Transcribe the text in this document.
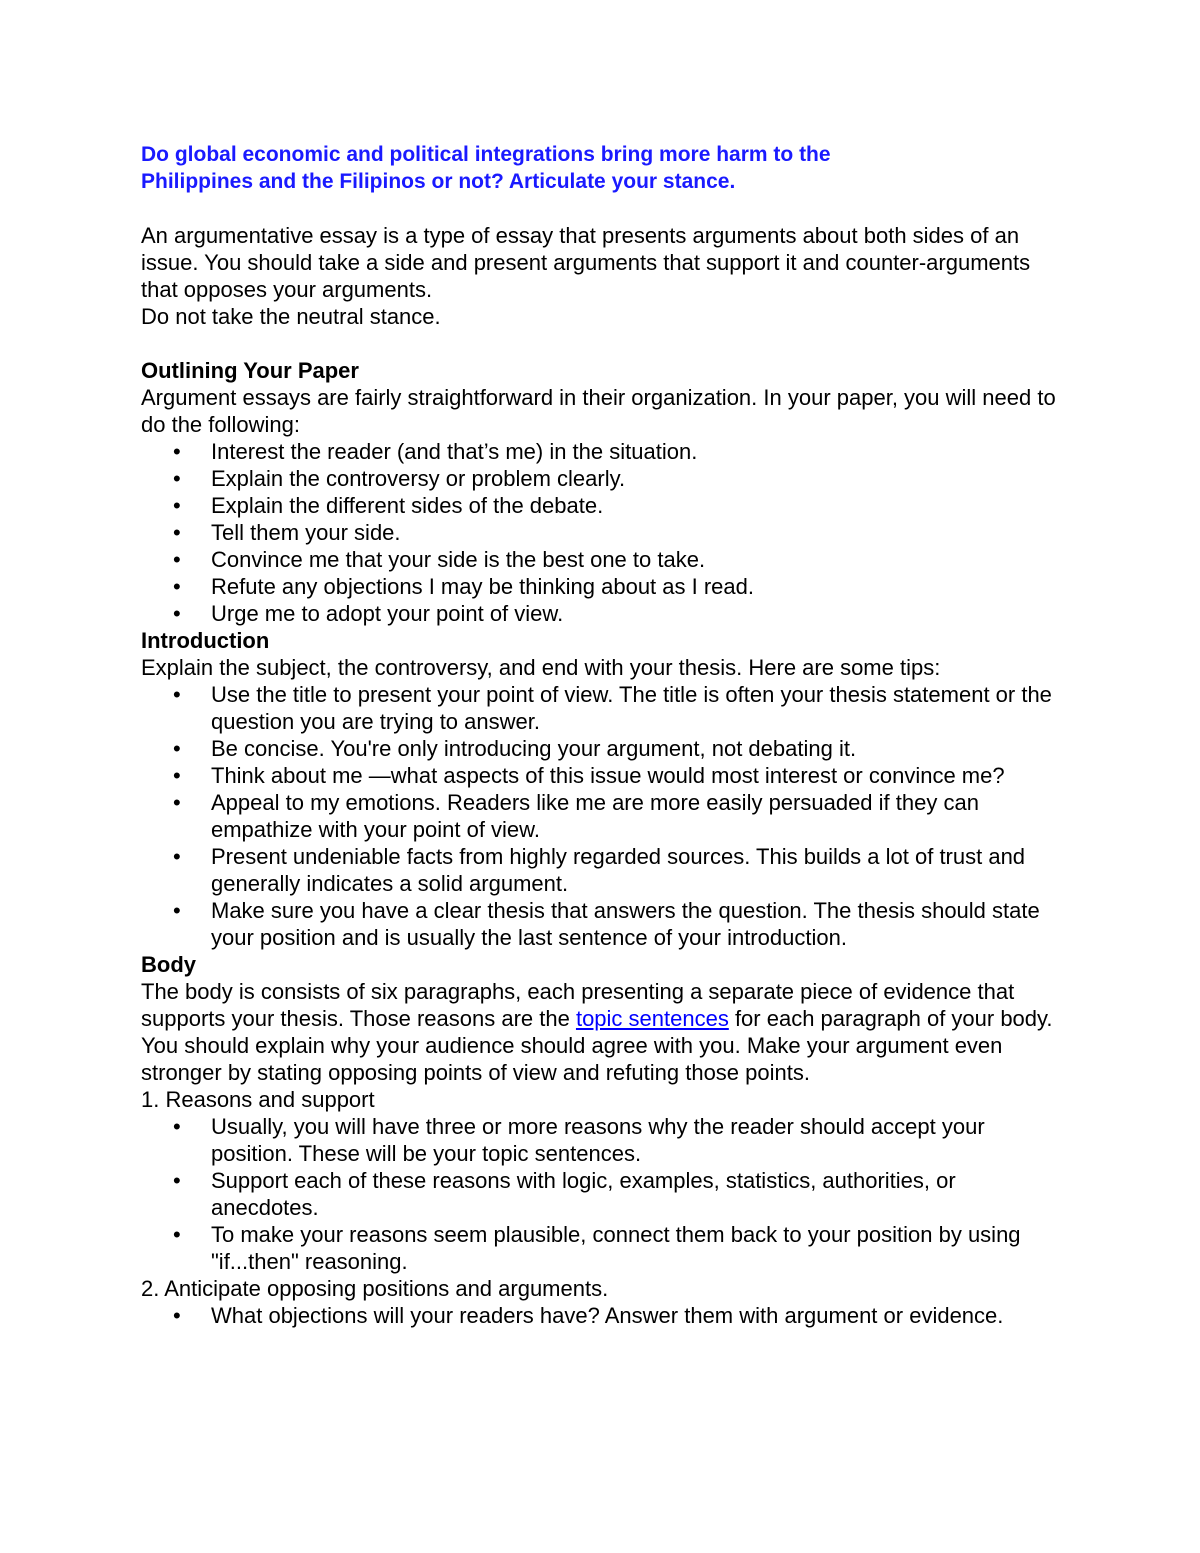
Do global economic and political integrations bring more harm to the Philippines and the Filipinos or not? Articulate your stance.

An argumentative essay is a type of essay that presents arguments about both sides of an issue. You should take a side and present arguments that support it and counter-arguments that opposes your arguments.

Do not take the neutral stance.

Outlining Your Paper

Argument essays are fairly straightforward in their organization. In your paper, you will need to do the following:

• Interest the reader (and that’s me) in the situation.
• Explain the controversy or problem clearly.
• Explain the different sides of the debate.
• Tell them your side.
• Convince me that your side is the best one to take.
• Refute any objections I may be thinking about as I read.
• Urge me to adopt your point of view.

Introduction

Explain the subject, the controversy, and end with your thesis. Here are some tips:

• Use the title to present your point of view. The title is often your thesis statement or the question you are trying to answer.
• Be concise. You're only introducing your argument, not debating it.
• Think about me —what aspects of this issue would most interest or convince me?
• Appeal to my emotions. Readers like me are more easily persuaded if they can empathize with your point of view.
• Present undeniable facts from highly regarded sources. This builds a lot of trust and generally indicates a solid argument.
• Make sure you have a clear thesis that answers the question. The thesis should state your position and is usually the last sentence of your introduction.

Body

The body is consists of six paragraphs, each presenting a separate piece of evidence that supports your thesis. Those reasons are the topic sentences for each paragraph of your body. You should explain why your audience should agree with you. Make your argument even stronger by stating opposing points of view and refuting those points.

1. Reasons and support

• Usually, you will have three or more reasons why the reader should accept your position. These will be your topic sentences.
• Support each of these reasons with logic, examples, statistics, authorities, or anecdotes.
• To make your reasons seem plausible, connect them back to your position by using "if...then" reasoning.

2. Anticipate opposing positions and arguments.

• What objections will your readers have? Answer them with argument or evidence.
